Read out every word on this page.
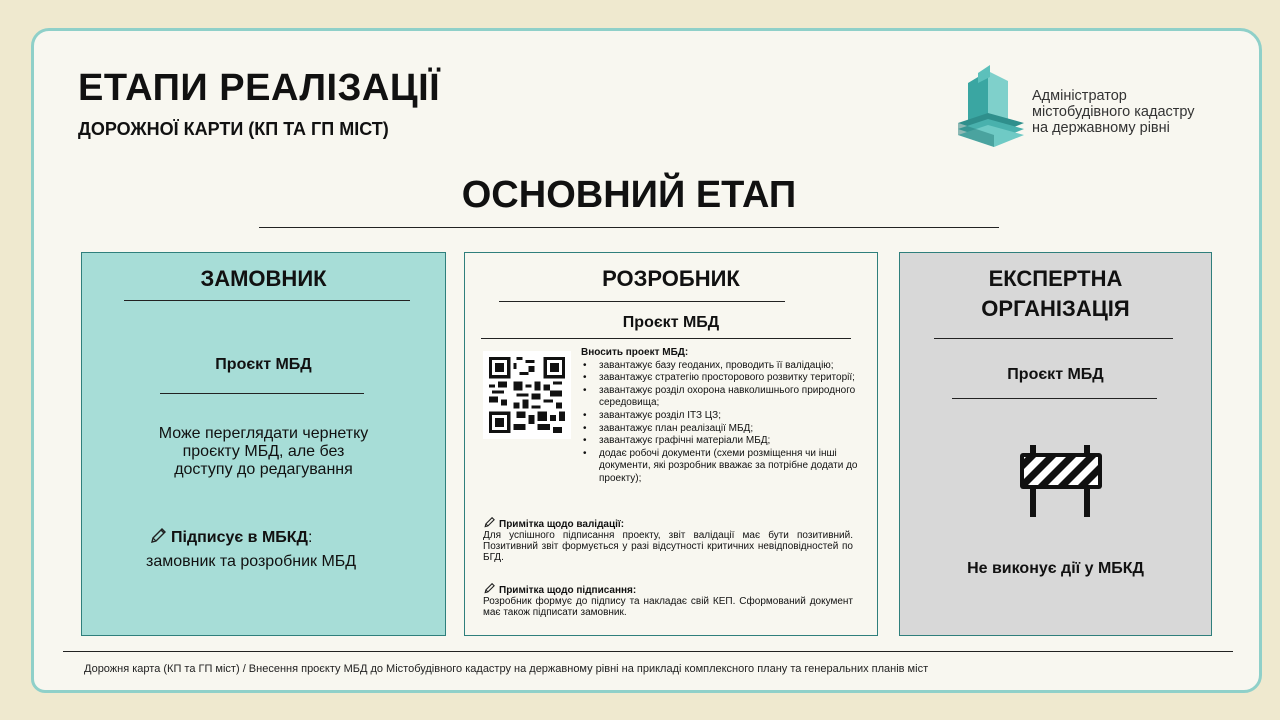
ЕТАПИ РЕАЛІЗАЦІЇ
ДОРОЖНОЇ КАРТИ (КП ТА ГП МІСТ)
Адміністратор
містобудівного кадастру
на державному рівні
ОСНОВНИЙ ЕТАП
ЗАМОВНИК
Проєкт МБД
Може переглядати чернетку
проєкту МБД, але без
доступу до редагування
Підписує в МБКД:
замовник та розробник МБД
РОЗРОБНИК
Проєкт МБД
Вносить проект МБД:
• завантажує базу геоданих, проводить її валідацію;
• завантажує стратегію просторового розвитку території;
• завантажує розділ охорона навколишнього природного середовища;
• завантажує розділ ІТЗ ЦЗ;
• завантажує план реалізації МБД;
• завантажує графічні матеріали МБД;
• додає робочі документи (схеми розміщення чи інші документи, які розробник вважає за потрібне додати до проекту);
Примітка щодо валідації:
Для успішного підписання проекту, звіт валідації має бути позитивний. Позитивний звіт формується у разі відсутності критичних невідповідностей по БГД.
Примітка щодо підписання:
Розробник формує до підпису та накладає свій КЕП. Сформований документ має також підписати замовник.
ЕКСПЕРТНА
ОРГАНІЗАЦІЯ
Проєкт МБД
Не виконує дії у МБКД
Дорожня карта (КП та ГП міст) / Внесення проєкту МБД до Містобудівного кадастру на державному рівні на прикладі комплексного плану та генеральних планів міст
